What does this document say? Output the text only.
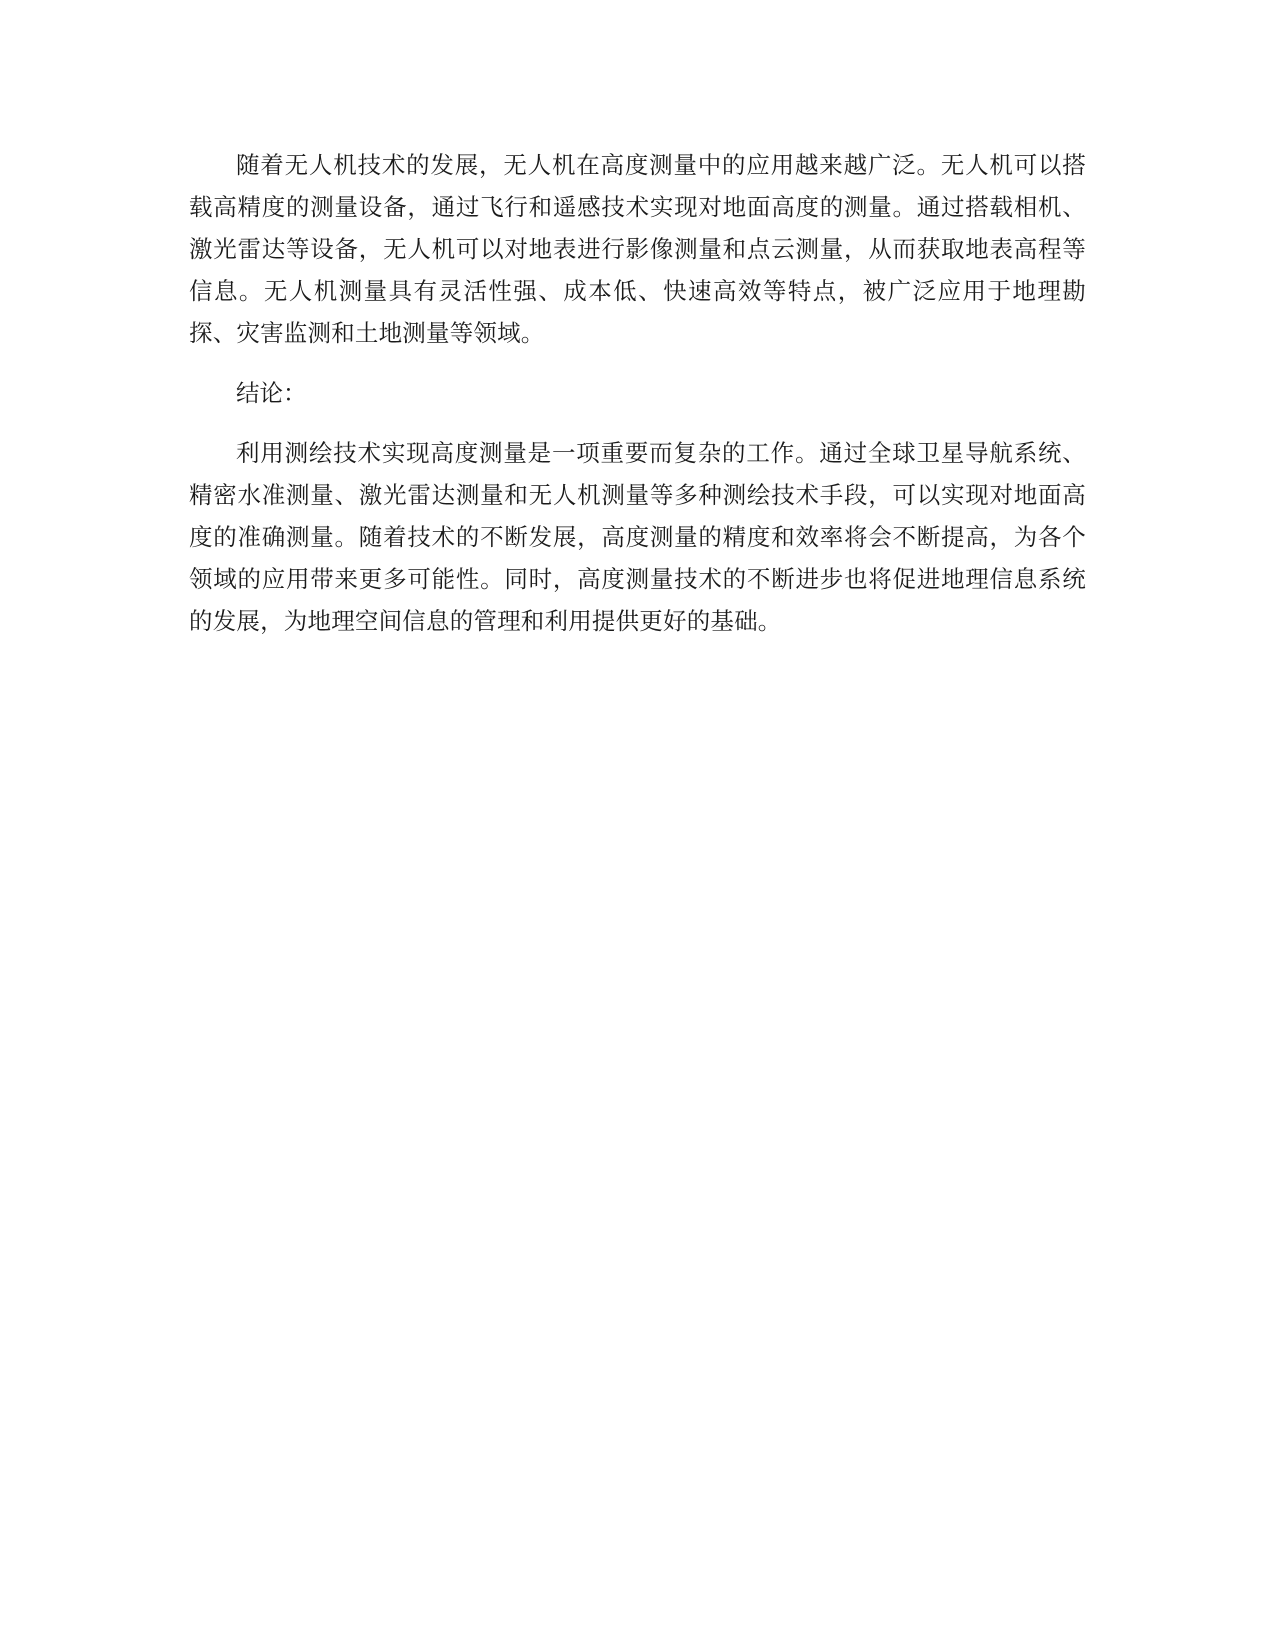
随着无人机技术的发展，无人机在高度测量中的应用越来越广泛。无人机可以搭载高精度的测量设备，通过飞行和遥感技术实现对地面高度的测量。通过搭载相机、激光雷达等设备，无人机可以对地表进行影像测量和点云测量，从而获取地表高程等信息。无人机测量具有灵活性强、成本低、快速高效等特点，被广泛应用于地理勘探、灾害监测和土地测量等领域。

结论：

利用测绘技术实现高度测量是一项重要而复杂的工作。通过全球卫星导航系统、精密水准测量、激光雷达测量和无人机测量等多种测绘技术手段，可以实现对地面高度的准确测量。随着技术的不断发展，高度测量的精度和效率将会不断提高，为各个领域的应用带来更多可能性。同时，高度测量技术的不断进步也将促进地理信息系统的发展，为地理空间信息的管理和利用提供更好的基础。
